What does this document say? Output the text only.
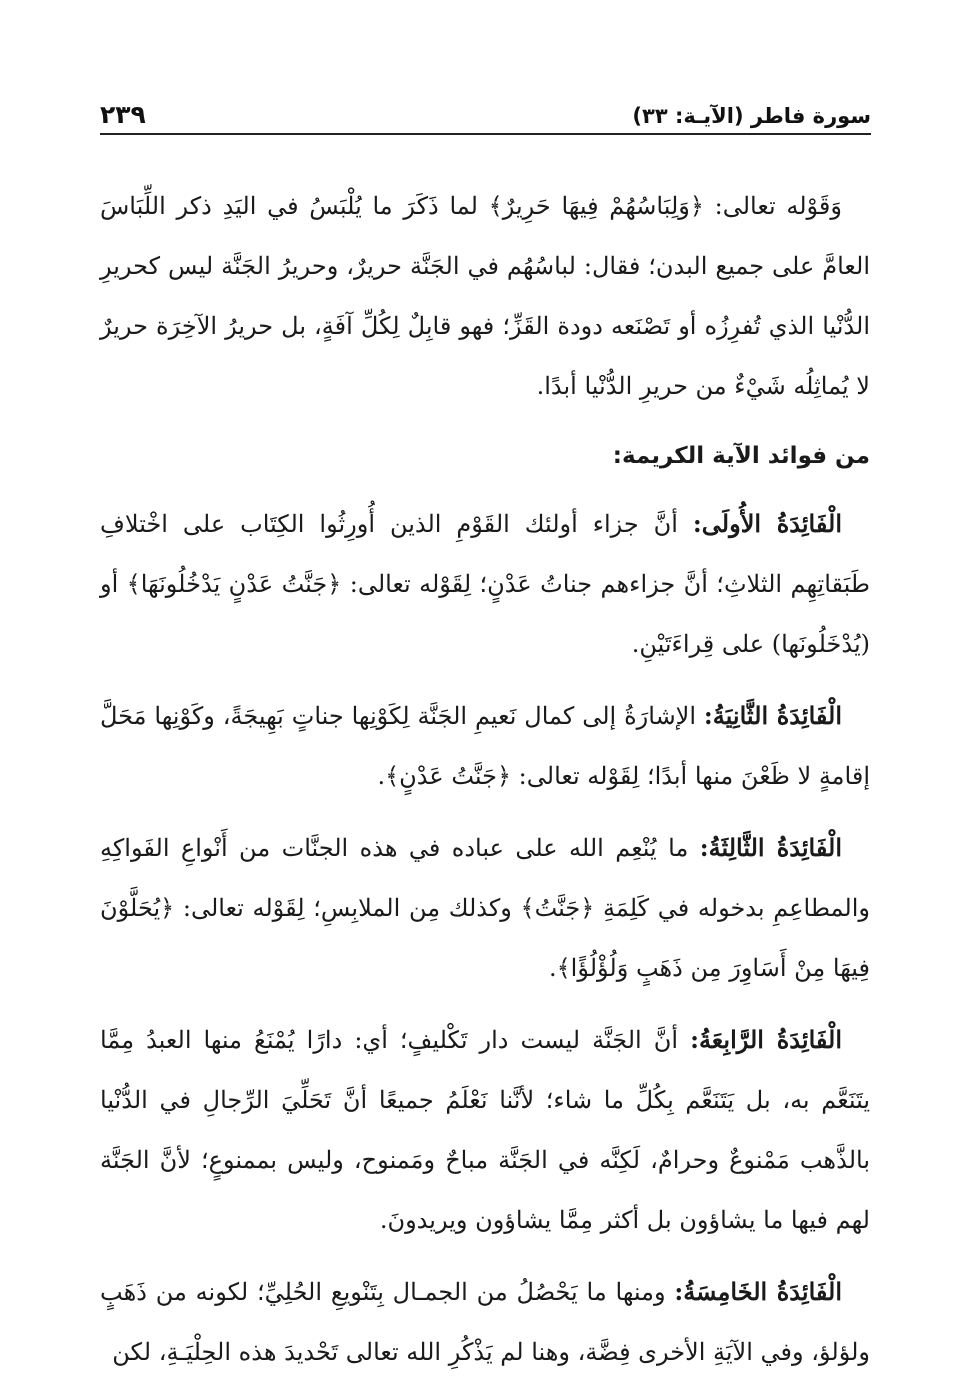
سورة فاطر (الآيـة: ٣٣)
٢٣٩

وَقَوْله تعالى: ﴿وَلِبَاسُهُمْ فِيهَا حَرِيرٌ﴾ لما ذَكَرَ ما يُلْبَسُ في اليَدِ ذكر اللِّبَاسَ العامَّ على جميع البدن؛ فقال: لباسُهُم في الجَنَّة حريرٌ، وحريرُ الجَنَّة ليس كحريرِ الدُّنْيا الذي تُفرِزُه أو تَصْنَعه دودة القَزِّ؛ فهو قابِلٌ لِكُلِّ آفَةٍ، بل حريرُ الآخِرَة حريرٌ لا يُماثِلُه شَيْءٌ من حريرِ الدُّنْيا أبدًا.

من فوائد الآية الكريمة:

الْفَائِدَةُ الأُولَى: أنَّ جزاء أولئك القَوْمِ الذين أُورِثُوا الكِتَاب على اخْتلافِ طَبَقاتِهِم الثلاثِ؛ أنَّ جزاءهم جناتُ عَدْنٍ؛ لِقَوْله تعالى: ﴿جَنَّتُ عَدْنٍ يَدْخُلُونَهَا﴾ أو (يُدْخَلُونَها) على قِراءَتَيْنِ.

الْفَائِدَةُ الثَّانِيَةُ: الإشارَةُ إلى كمال نَعيمِ الجَنَّة لِكَوْنِها جناتٍ بَهِيجَةً، وكَوْنِها مَحَلَّ إقامةٍ لا ظَعْنَ منها أبدًا؛ لِقَوْله تعالى: ﴿جَنَّتُ عَدْنٍ﴾.

الْفَائِدَةُ الثَّالِثَةُ: ما يُنْعِم الله على عباده في هذه الجنَّات من أَنْواعِ الفَواكِهِ والمطاعِمِ بدخوله في كَلِمَةِ ﴿جَنَّتُ﴾ وكذلك مِن الملابِسِ؛ لِقَوْله تعالى: ﴿يُحَلَّوْنَ فِيهَا مِنْ أَسَاوِرَ مِن ذَهَبٍ وَلُؤْلُؤًا﴾.

الْفَائِدَةُ الرَّابِعَةُ: أنَّ الجَنَّة ليست دار تَكْليفٍ؛ أي: دارًا يُمْنَعُ منها العبدُ مِمَّا يتَنَعَّم به، بل يَتَنَعَّم بِكُلِّ ما شاء؛ لأنَّنا نَعْلَمُ جميعًا أنَّ تَحَلِّيَ الرِّجالِ في الدُّنْيا بالذَّهب مَمْنوعٌ وحرامٌ، لَكِنَّه في الجَنَّة مباحٌ ومَمنوح، وليس بممنوعٍ؛ لأنَّ الجَنَّة لهم فيها ما يشاؤون بل أكثر مِمَّا يشاؤون ويريدونَ.

الْفَائِدَةُ الخَامِسَةُ: ومنها ما يَحْصُلُ من الجمـال بِتَنْويعِ الحُلِيِّ؛ لكونه من ذَهَبٍ ولؤلؤ، وفي الآيَةِ الأخرى فِضَّة، وهنا لم يَذْكُرِ الله تعالى تَحْديدَ هذه الحِلْيَـةِ، لكن
